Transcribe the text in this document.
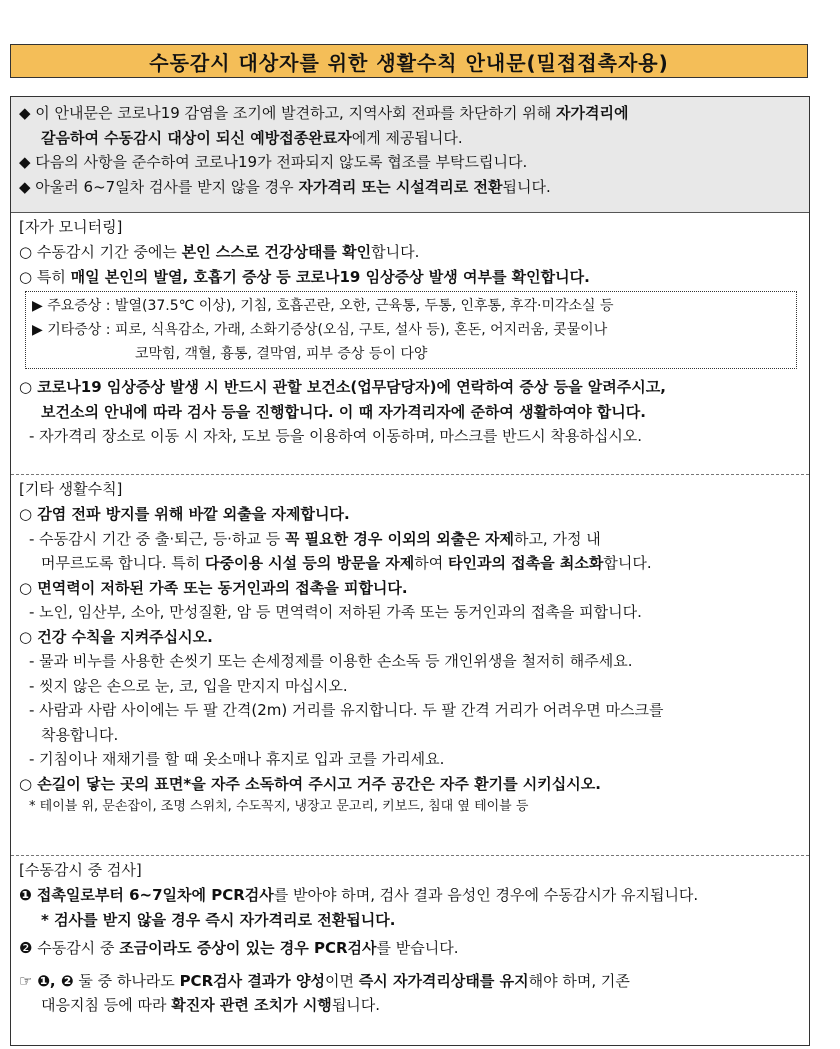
수동감시 대상자를 위한 생활수칙 안내문(밀접접촉자용)
◆ 이 안내문은 코로나19 감염을 조기에 발견하고, 지역사회 전파를 차단하기 위해 자가격리에
갈음하여 수동감시 대상이 되신 예방접종완료자에게 제공됩니다.
◆ 다음의 사항을 준수하여 코로나19가 전파되지 않도록 협조를 부탁드립니다.
◆ 아울러 6~7일차 검사를 받지 않을 경우 자가격리 또는 시설격리로 전환됩니다.
[자가 모니터링]
○ 수동감시 기간 중에는 본인 스스로 건강상태를 확인합니다.
○ 특히 매일 본인의 발열, 호흡기 증상 등 코로나19 임상증상 발생 여부를 확인합니다.
▶ 주요증상 : 발열(37.5℃ 이상), 기침, 호흡곤란, 오한, 근육통, 두통, 인후통, 후각·미각소실 등
▶ 기타증상 : 피로, 식욕감소, 가래, 소화기증상(오심, 구토, 설사 등), 혼돈, 어지러움, 콧물이나
코막힘, 객혈, 흉통, 결막염, 피부 증상 등이 다양
○ 코로나19 임상증상 발생 시 반드시 관할 보건소(업무담당자)에 연락하여 증상 등을 알려주시고,
보건소의 안내에 따라 검사 등을 진행합니다. 이 때 자가격리자에 준하여 생활하여야 합니다.
- 자가격리 장소로 이동 시 자차, 도보 등을 이용하여 이동하며, 마스크를 반드시 착용하십시오.
[기타 생활수칙]
○ 감염 전파 방지를 위해 바깥 외출을 자제합니다.
- 수동감시 기간 중 출·퇴근, 등·하교 등 꼭 필요한 경우 이외의 외출은 자제하고, 가정 내
머무르도록 합니다. 특히 다중이용 시설 등의 방문을 자제하여 타인과의 접촉을 최소화합니다.
○ 면역력이 저하된 가족 또는 동거인과의 접촉을 피합니다.
- 노인, 임산부, 소아, 만성질환, 암 등 면역력이 저하된 가족 또는 동거인과의 접촉을 피합니다.
○ 건강 수칙을 지켜주십시오.
- 물과 비누를 사용한 손씻기 또는 손세정제를 이용한 손소독 등 개인위생을 철저히 해주세요.
- 씻지 않은 손으로 눈, 코, 입을 만지지 마십시오.
- 사람과 사람 사이에는 두 팔 간격(2m) 거리를 유지합니다. 두 팔 간격 거리가 어려우면 마스크를
착용합니다.
- 기침이나 재채기를 할 때 옷소매나 휴지로 입과 코를 가리세요.
○ 손길이 닿는 곳의 표면*을 자주 소독하여 주시고 거주 공간은 자주 환기를 시키십시오.
* 테이블 위, 문손잡이, 조명 스위치, 수도꼭지, 냉장고 문고리, 키보드, 침대 옆 테이블 등
[수동감시 중 검사]
❶ 접촉일로부터 6~7일차에 PCR검사를 받아야 하며, 검사 결과 음성인 경우에 수동감시가 유지됩니다.
* 검사를 받지 않을 경우 즉시 자가격리로 전환됩니다.
❷ 수동감시 중 조금이라도 증상이 있는 경우 PCR검사를 받습니다.
☞ ❶, ❷ 둘 중 하나라도 PCR검사 결과가 양성이면 즉시 자가격리상태를 유지해야 하며, 기존
대응지침 등에 따라 확진자 관련 조치가 시행됩니다.
